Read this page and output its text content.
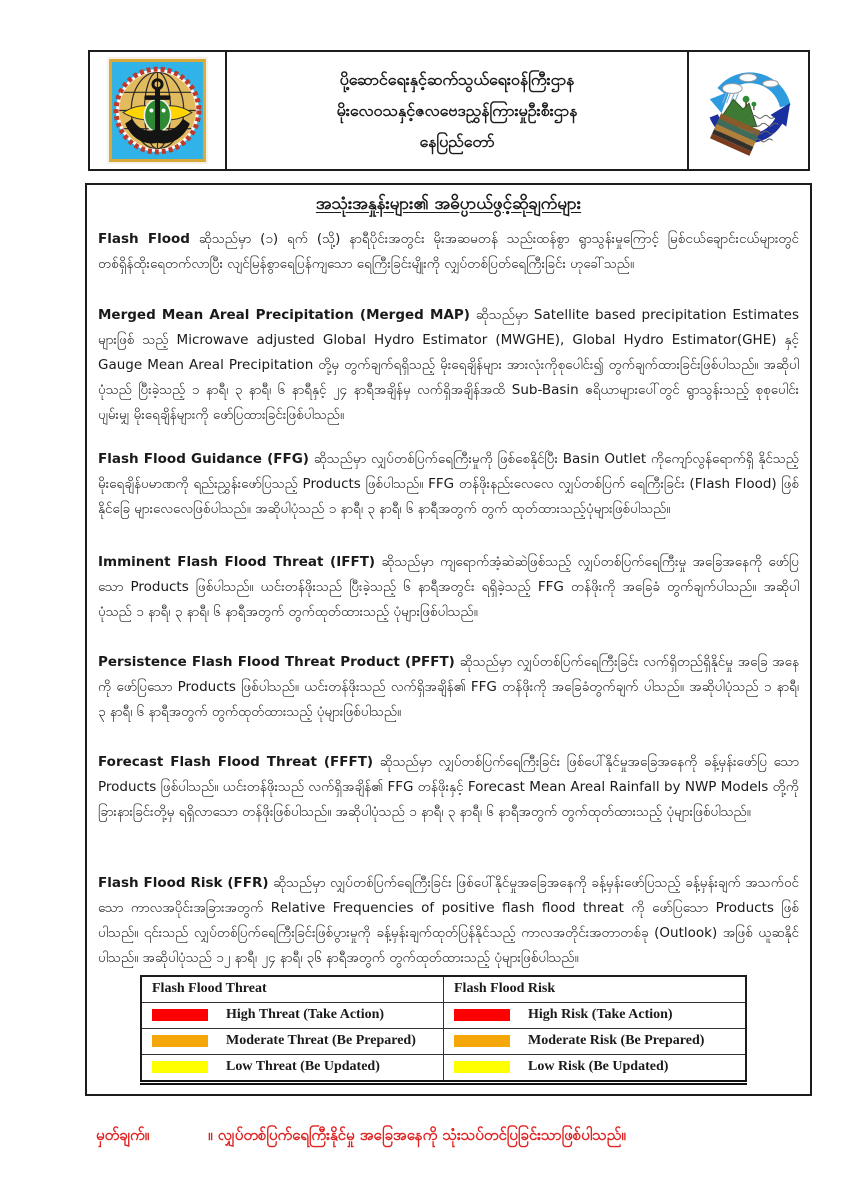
ပို့ဆောင်ရေးနှင့်ဆက်သွယ်ရေးဝန်ကြီးဌာန
မိုးလေဝသနှင့်ဇလဗေဒညွှန်ကြားမှုဦးစီးဌာန
နေပြည်တော်
အသုံးအနှုန်းများ၏ အဓိပ္ပာယ်ဖွင့်ဆိုချက်များ

Flash Flood ဆိုသည်မှာ (၁) ရက် (သို့) နာရီပိုင်းအတွင်း မိုးအဆမတန် သည်းထန်စွာ ရွာသွန်းမှုကြောင့် မြစ်ငယ်ချောင်းငယ်များတွင် တစ်ရှိန်ထိုးရေတက်လာပြီး လျင်မြန်စွာရေပြန်ကျသော ရေကြီးခြင်းမျိုးကို လျှပ်တစ်ပြတ်ရေကြီးခြင်း ဟုခေါ်သည်။

Merged Mean Areal Precipitation (Merged MAP) ဆိုသည်မှာ Satellite based precipitation Estimates များဖြစ် သည့် Microwave adjusted Global Hydro Estimator (MWGHE), Global Hydro Estimator(GHE) နှင့် Gauge Mean Areal Precipitation တို့မှ တွက်ချက်ရရှိသည့် မိုးရေချိန်များ အားလုံးကိုစုပေါင်း၍ တွက်ချက်ထားခြင်းဖြစ်ပါသည်။ အဆိုပါ ပုံသည် ပြီးခဲ့သည့် ၁ နာရီ၊ ၃ နာရီ၊ ၆ နာရီနှင့် ၂၄ နာရီအချိန်မှ လက်ရှိအချိန်အထိ Sub-Basin ဧရိယာများပေါ်တွင် ရွာသွန်းသည့် စုစုပေါင်း ပျမ်းမျှ မိုးရေချိန်များကို ဖော်ပြထားခြင်းဖြစ်ပါသည်။

Flash Flood Guidance (FFG) ဆိုသည်မှာ လျှပ်တစ်ပြက်ရေကြီးမှုကို ဖြစ်စေနိုင်ပြီး Basin Outlet ကိုကျော်လွန်ရောက်ရှိ နိုင်သည့် မိုးရေချိန်ပမာဏကို ရည်းညွှန်းဖော်ပြသည့် Products ဖြစ်ပါသည်။ FFG တန်ဖိုးနည်းလေလေ လျှပ်တစ်ပြက် ရေကြီးခြင်း (Flash Flood) ဖြစ်နိုင်ခြေ များလေလေဖြစ်ပါသည်။ အဆိုပါပုံသည် ၁ နာရီ၊ ၃ နာရီ၊ ၆ နာရီအတွက် တွက် ထုတ်ထားသည့်ပုံများဖြစ်ပါသည်။

Imminent Flash Flood Threat (IFFT) ဆိုသည်မှာ ကျရောက်အံ့ဆဲဆဲဖြစ်သည့် လျှပ်တစ်ပြက်ရေကြီးမှု အခြေအနေကို ဖော်ပြသော Products ဖြစ်ပါသည်။ ယင်းတန်ဖိုးသည် ပြီးခဲ့သည့် ၆ နာရီအတွင်း ရရှိခဲ့သည့် FFG တန်ဖိုးကို အခြေခံ တွက်ချက်ပါသည်။ အဆိုပါပုံသည် ၁ နာရီ၊ ၃ နာရီ၊ ၆ နာရီအတွက် တွက်ထုတ်ထားသည့် ပုံများဖြစ်ပါသည်။

Persistence Flash Flood Threat Product (PFFT) ဆိုသည်မှာ လျှပ်တစ်ပြက်ရေကြီးခြင်း လက်ရှိတည်ရှိနိုင်မှု အခြေ အနေကို ဖော်ပြသော Products ဖြစ်ပါသည်။ ယင်းတန်ဖိုးသည် လက်ရှိအချိန်၏ FFG တန်ဖိုးကို အခြေခံတွက်ချက် ပါသည်။ အဆိုပါပုံသည် ၁ နာရီ၊ ၃ နာရီ၊ ၆ နာရီအတွက် တွက်ထုတ်ထားသည့် ပုံများဖြစ်ပါသည်။

Forecast Flash Flood Threat (FFFT) ဆိုသည်မှာ လျှပ်တစ်ပြက်ရေကြီးခြင်း ဖြစ်ပေါ်နိုင်မှုအခြေအနေကို ခန့်မှန်းဖော်ပြ သော Products ဖြစ်ပါသည်။ ယင်းတန်ဖိုးသည် လက်ရှိအချိန်၏ FFG တန်ဖိုးနှင့် Forecast Mean Areal Rainfall by NWP Models တို့ကို ခြားနားခြင်းတို့မှ ရရှိလာသော တန်ဖိုးဖြစ်ပါသည်။ အဆိုပါပုံသည် ၁ နာရီ၊ ၃ နာရီ၊ ၆ နာရီအတွက် တွက်ထုတ်ထားသည့် ပုံများဖြစ်ပါသည်။

Flash Flood Risk (FFR) ဆိုသည်မှာ လျှပ်တစ်ပြက်ရေကြီးခြင်း ဖြစ်ပေါ်နိုင်မှုအခြေအနေကို ခန့်မှန်းဖော်ပြသည့် ခန့်မှန်းချက် အသက်ဝင်သော ကာလအပိုင်းအခြားအတွက် Relative Frequencies of positive flash flood threat ကို ဖော်ပြသော Products ဖြစ်ပါသည်။ ၎င်းသည် လျှပ်တစ်ပြက်ရေကြီးခြင်းဖြစ်ပွားမှုကို ခန့်မှန်းချက်ထုတ်ပြန်နိုင်သည့် ကာလအတိုင်းအတာတစ်ခု (Outlook) အဖြစ် ယူဆနိုင်ပါသည်။ အဆိုပါပုံသည် ၁၂ နာရီ၊ ၂၄ နာရီ၊ ၃၆ နာရီအတွက် တွက်ထုတ်ထားသည့် ပုံများဖြစ်ပါသည်။

Flash Flood Threat	Flash Flood Risk
High Threat (Take Action)	High Risk (Take Action)
Moderate Threat (Be Prepared)	Moderate Risk (Be Prepared)
Low Threat (Be Updated)	Low Risk (Be Updated)
မှတ်ချက်။	။ လျှပ်တစ်ပြက်ရေကြီးနိုင်မှု အခြေအနေကို သုံးသပ်တင်ပြခြင်းသာဖြစ်ပါသည်။
